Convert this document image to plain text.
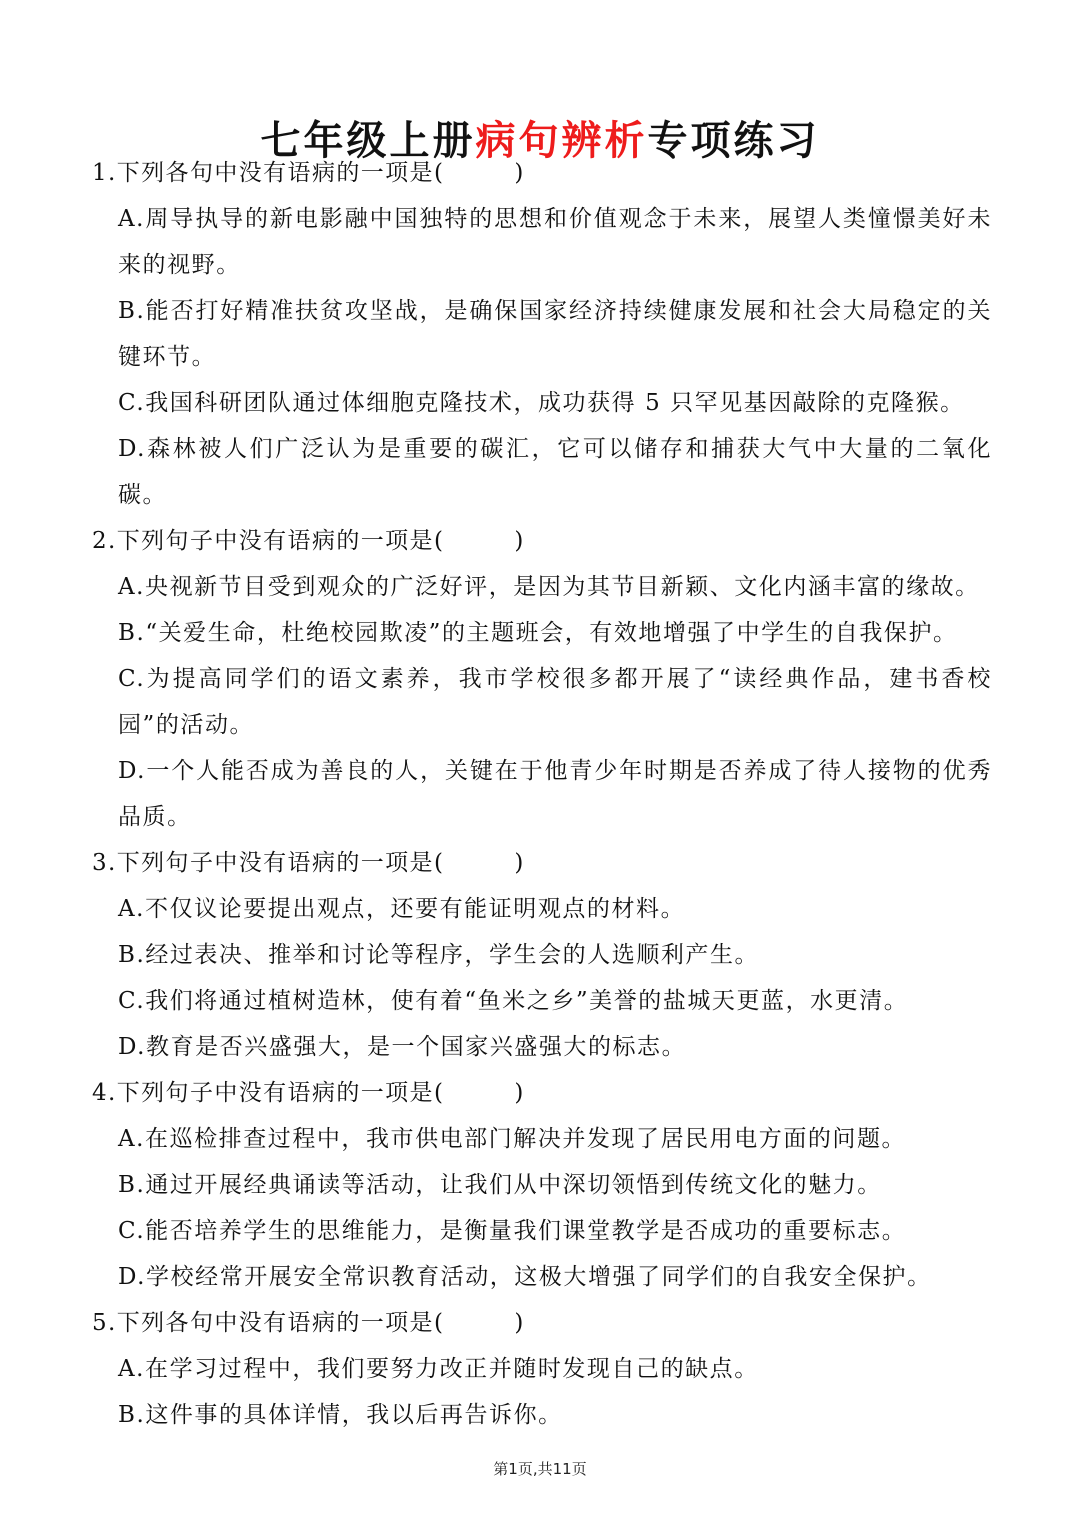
七年级上册病句辨析专项练习
1.下列各句中没有语病的一项是(	)
A.周导执导的新电影融中国独特的思想和价值观念于未来，展望人类憧憬美好未来的视野。
B.能否打好精准扶贫攻坚战，是确保国家经济持续健康发展和社会大局稳定的关键环节。
C.我国科研团队通过体细胞克隆技术，成功获得 5 只罕见基因敲除的克隆猴。
D.森林被人们广泛认为是重要的碳汇，它可以储存和捕获大气中大量的二氧化碳。
2.下列句子中没有语病的一项是(	)
A.央视新节目受到观众的广泛好评，是因为其节目新颖、文化内涵丰富的缘故。
B.“关爱生命，杜绝校园欺凌”的主题班会，有效地增强了中学生的自我保护。
C.为提高同学们的语文素养，我市学校很多都开展了“读经典作品，建书香校园”的活动。
D.一个人能否成为善良的人，关键在于他青少年时期是否养成了待人接物的优秀品质。
3.下列句子中没有语病的一项是(	)
A.不仅议论要提出观点，还要有能证明观点的材料。
B.经过表决、推举和讨论等程序，学生会的人选顺利产生。
C.我们将通过植树造林，使有着“鱼米之乡”美誉的盐城天更蓝，水更清。
D.教育是否兴盛强大，是一个国家兴盛强大的标志。
4.下列句子中没有语病的一项是(	)
A.在巡检排查过程中，我市供电部门解决并发现了居民用电方面的问题。
B.通过开展经典诵读等活动，让我们从中深切领悟到传统文化的魅力。
C.能否培养学生的思维能力，是衡量我们课堂教学是否成功的重要标志。
D.学校经常开展安全常识教育活动，这极大增强了同学们的自我安全保护。
5.下列各句中没有语病的一项是(	)
A.在学习过程中，我们要努力改正并随时发现自己的缺点。
B.这件事的具体详情，我以后再告诉你。
第1页,共11页
